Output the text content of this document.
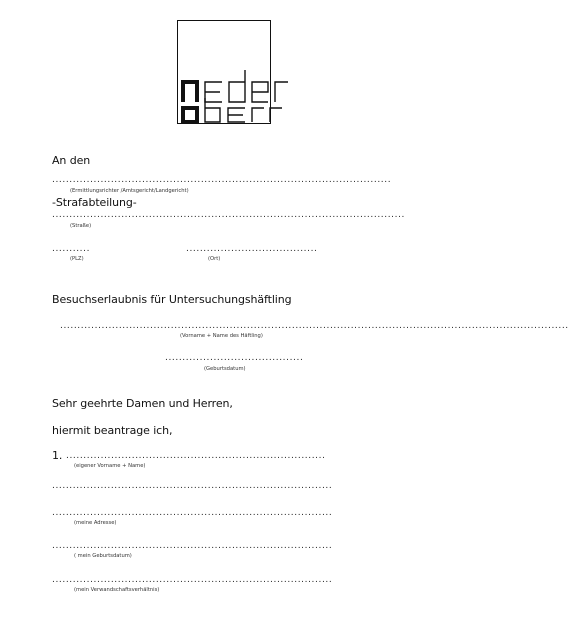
nEder
An den
..................................................................................................
(Ermittlungsrichter /Amtsgericht/Landgericht)
-Strafabteilung-
......................................................................................................
(Straße)
...........
(PLZ)
......................................
(Ort)
Besuchserlaubnis für Untersuchungshäftling
...................................................................................................................................................
(Vorname + Name des Häftling)
........................................
(Geburtsdatum)
Sehr geehrte Damen und Herren,
hiermit beantrage ich,
1. ...........................................................................
(eigener Vorname + Name)
.................................................................................
.................................................................................
(meine Adresse)
.................................................................................
( mein Geburtsdatum)
.................................................................................
(mein Verwandschaftsverhältnis)
